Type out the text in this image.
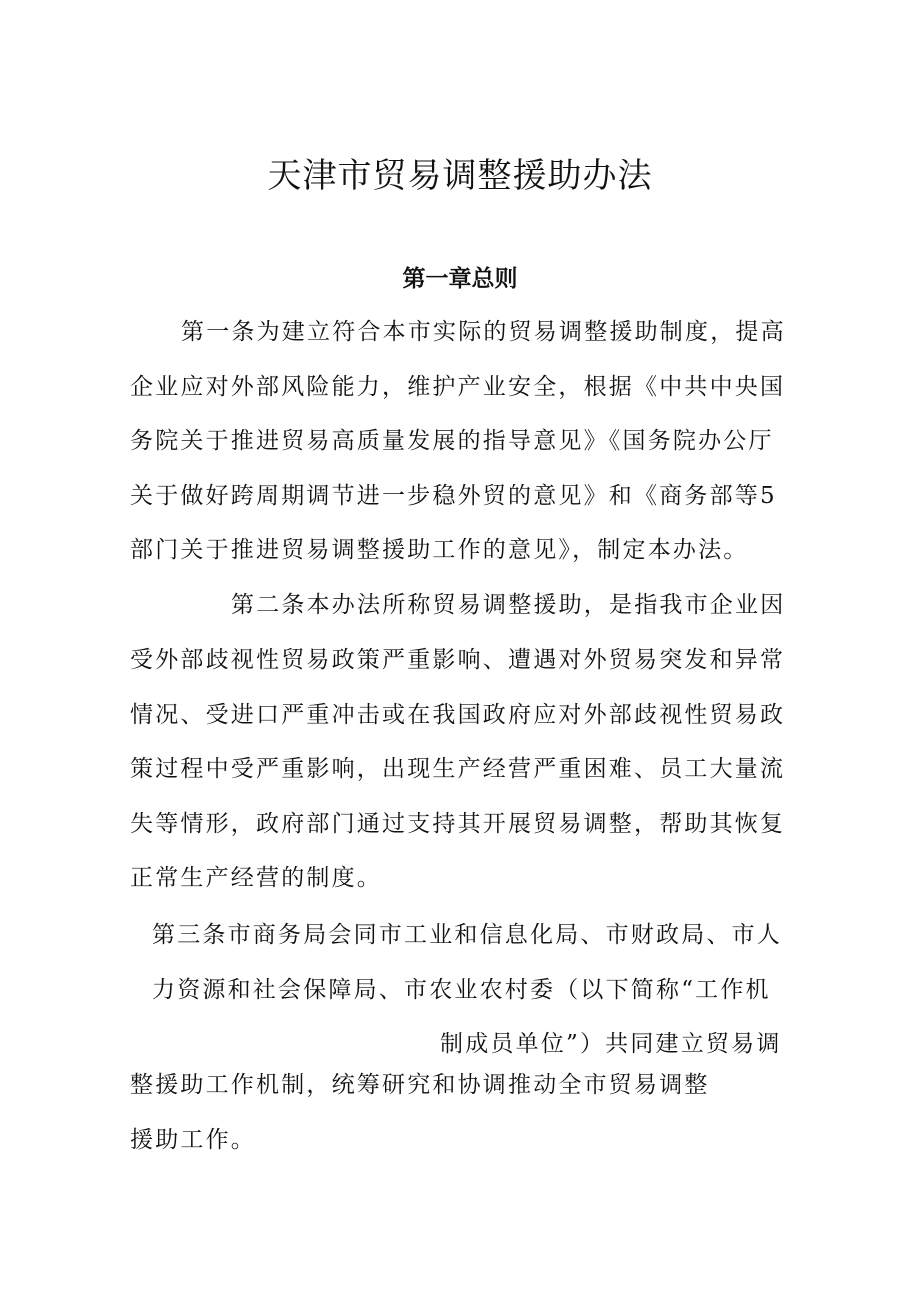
天津市贸易调整援助办法
第一章总则

第一条为建立符合本市实际的贸易调整援助制度，提高

企业应对外部风险能力，维护产业安全，根据《中共中央国

务院关于推进贸易高质量发展的指导意见》《国务院办公厅

关于做好跨周期调节进一步稳外贸的意见》和《商务部等5

部门关于推进贸易调整援助工作的意见》，制定本办法。

第二条本办法所称贸易调整援助，是指我市企业因

受外部歧视性贸易政策严重影响、遭遇对外贸易突发和异常

情况、受进口严重冲击或在我国政府应对外部歧视性贸易政

策过程中受严重影响，出现生产经营严重困难、员工大量流

失等情形，政府部门通过支持其开展贸易调整，帮助其恢复

正常生产经营的制度。

第三条市商务局会同市工业和信息化局、市财政局、市人

力资源和社会保障局、市农业农村委（以下简称“工作机

制成员单位”）共同建立贸易调

整援助工作机制，统筹研究和协调推动全市贸易调整

援助工作。
